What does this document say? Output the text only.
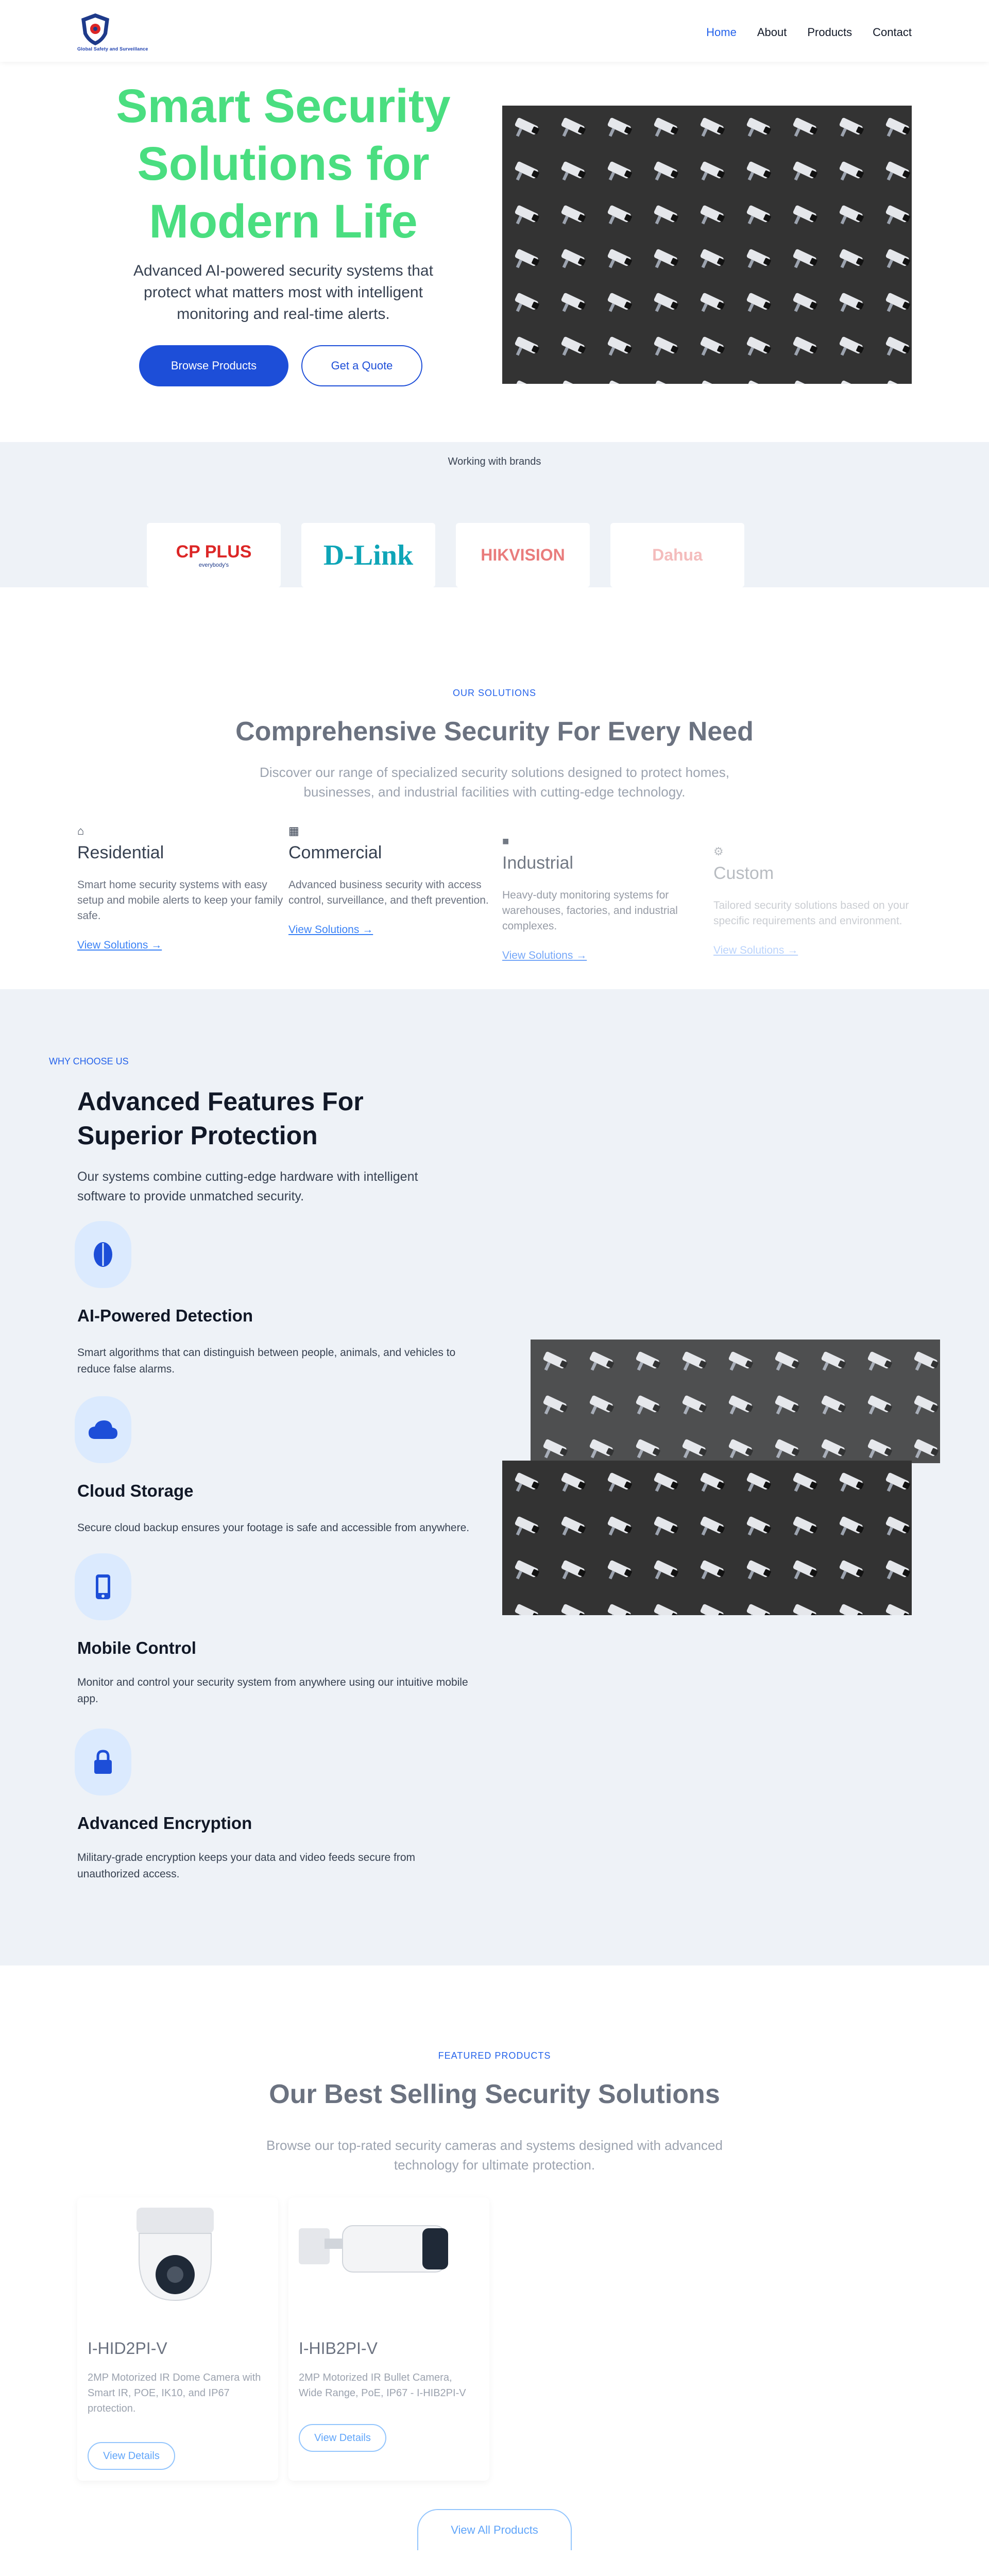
Global Safety and Surveillance
Home About Products Contact
Smart Security
Solutions for
Modern Life
Advanced AI-powered security systems that protect what matters most with intelligent monitoring and real-time alerts.
Browse Products	Get a Quote
Working with brands
CP PLUS
everybody's	D-Link	HIKVISION	Dahua
OUR SOLUTIONS
Comprehensive Security For Every Need
Discover our range of specialized security solutions designed to protect homes, businesses, and industrial facilities with cutting-edge technology.
⌂
Residential
Smart home security systems with easy setup and mobile alerts to keep your family safe.
View Solutions →
▦
Commercial
Advanced business security with access control, surveillance, and theft prevention.
View Solutions →
■
Industrial
Heavy-duty monitoring systems for warehouses, factories, and industrial complexes.
View Solutions →
⚙
Custom
Tailored security solutions based on your specific requirements and environment.
View Solutions →
WHY CHOOSE US
Advanced Features For
Superior Protection
Our systems combine cutting-edge hardware with intelligent software to provide unmatched security.
AI-Powered Detection
Smart algorithms that can distinguish between people, animals, and vehicles to reduce false alarms.
Cloud Storage
Secure cloud backup ensures your footage is safe and accessible from anywhere.
Mobile Control
Monitor and control your security system from anywhere using our intuitive mobile app.
Advanced Encryption
Military-grade encryption keeps your data and video feeds secure from unauthorized access.
FEATURED PRODUCTS
Our Best Selling Security Solutions
Browse our top-rated security cameras and systems designed with advanced technology for ultimate protection.
I-HID2PI-V
2MP Motorized IR Dome Camera with Smart IR, POE, IK10, and IP67 protection.
View Details
I-HIB2PI-V
2MP Motorized IR Bullet Camera, Wide Range, PoE, IP67 - I-HIB2PI-V
View Details
View All Products
